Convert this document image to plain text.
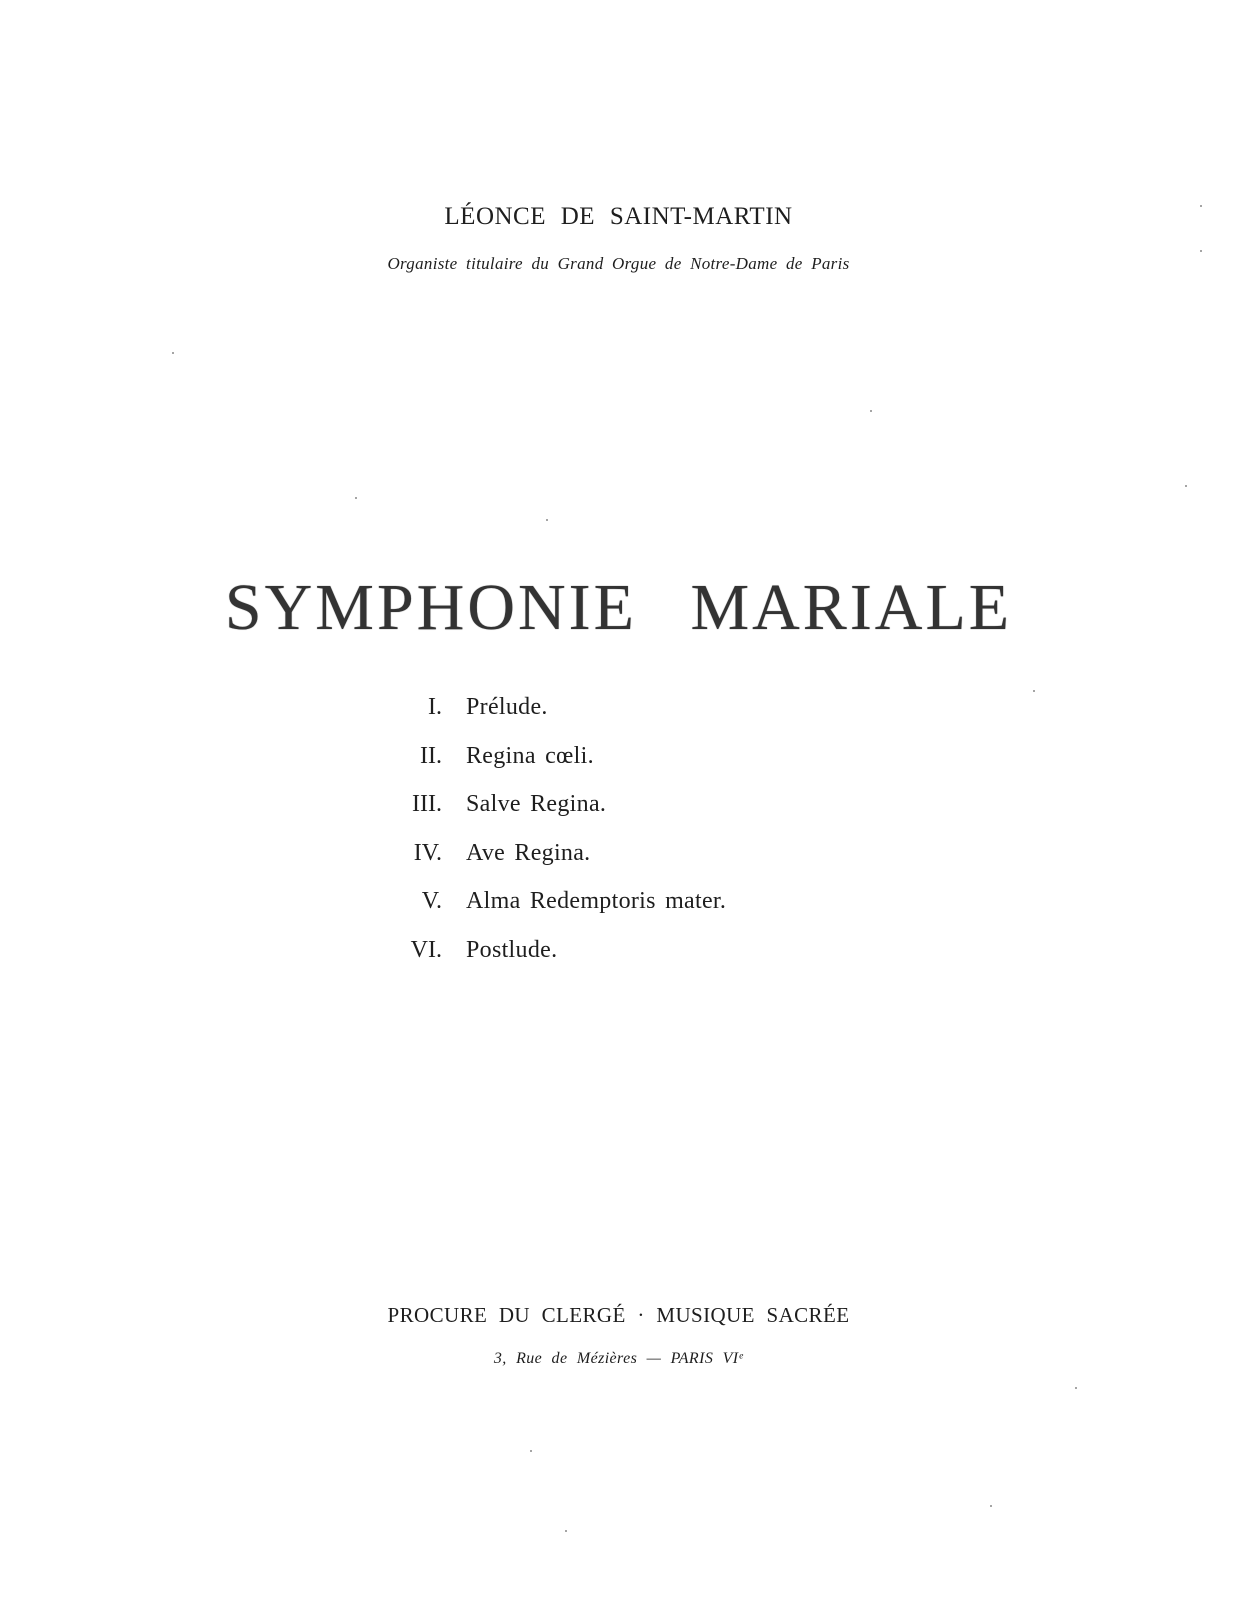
LÉONCE DE SAINT-MARTIN
Organiste titulaire du Grand Orgue de Notre-Dame de Paris
SYMPHONIE MARIALE
I.	Prélude.
II.	Regina cœli.
III.	Salve Regina.
IV.	Ave Regina.
V.	Alma Redemptoris mater.
VI.	Postlude.
PROCURE DU CLERGÉ · MUSIQUE SACRÉE
3, Rue de Mézières — PARIS VIᵉ
